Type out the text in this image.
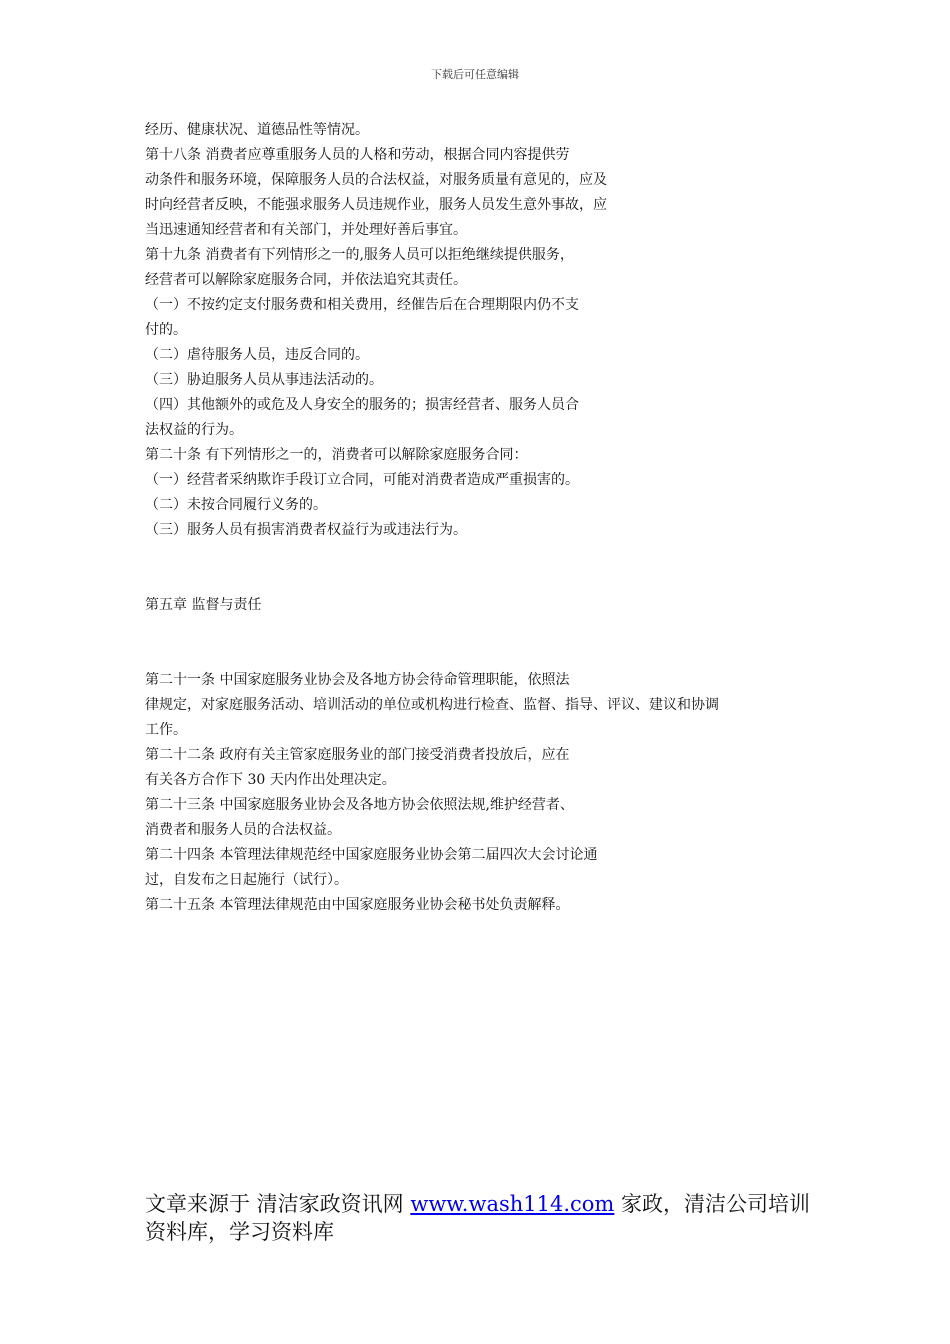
下载后可任意编辑
经历、健康状况、道德品性等情况。
第十八条 消费者应尊重服务人员的人格和劳动，根据合同内容提供劳
动条件和服务环境，保障服务人员的合法权益，对服务质量有意见的，应及
时向经营者反映，不能强求服务人员违规作业，服务人员发生意外事故，应
当迅速通知经营者和有关部门，并处理好善后事宜。
第十九条 消费者有下列情形之一的,服务人员可以拒绝继续提供服务，
经营者可以解除家庭服务合同，并依法追究其责任。
（一）不按约定支付服务费和相关费用，经催告后在合理期限内仍不支
付的。
（二）虐待服务人员，违反合同的。
（三）胁迫服务人员从事违法活动的。
（四）其他额外的或危及人身安全的服务的；损害经营者、服务人员合
法权益的行为。
第二十条 有下列情形之一的，消费者可以解除家庭服务合同：
（一）经营者采纳欺诈手段订立合同，可能对消费者造成严重损害的。
（二）未按合同履行义务的。
（三）服务人员有损害消费者权益行为或违法行为。
第五章 监督与责任
第二十一条 中国家庭服务业协会及各地方协会待命管理职能，依照法
律规定，对家庭服务活动、培训活动的单位或机构进行检查、监督、指导、评议、建议和协调
工作。
第二十二条 政府有关主管家庭服务业的部门接受消费者投放后，应在
有关各方合作下 30 天内作出处理决定。
第二十三条 中国家庭服务业协会及各地方协会依照法规,维护经营者、
消费者和服务人员的合法权益。
第二十四条 本管理法律规范经中国家庭服务业协会第二届四次大会讨论通
过，自发布之日起施行（试行）。
第二十五条 本管理法律规范由中国家庭服务业协会秘书处负责解释。
文章来源于 清洁家政资讯网 www.wash114.com 家政，清洁公司培训资料库，学习资料库
